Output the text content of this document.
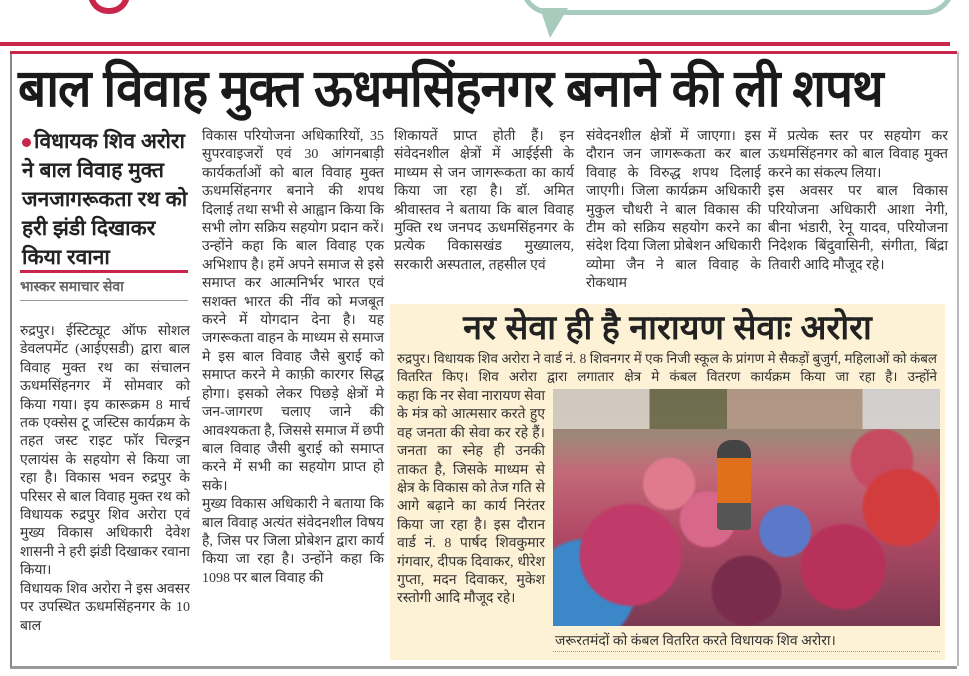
बाल विवाह मुक्त ऊधमसिंहनगर बनाने की ली शपथ
विधायक शिव अरोरा ने बाल विवाह मुक्त जनजागरूकता रथ को हरी झंडी दिखाकर किया रवाना
भास्कर समाचार सेवा

रुद्रपुर। ईस्टिट्यूट ऑफ सोशल डेवलपमेंट (आईएसडी) द्वारा बाल विवाह मुक्त रथ का संचालन ऊधमसिंहनगर में सोमवार को किया गया। इय कारूक्रम 8 मार्च तक एक्सेस टू जस्टिस कार्यक्रम के तहत जस्ट राइट फॉर चिल्ड्रन एलायंस के सहयोग से किया जा रहा है। विकास भवन रुद्रपुर के परिसर से बाल विवाह मुक्त रथ को विधायक रुद्रपुर शिव अरोरा एवं मुख्य विकास अधिकारी देवेश शासनी ने हरी झंडी दिखाकर रवाना किया।

विधायक शिव अरोरा ने इस अवसर पर उपस्थित ऊधमसिंहनगर के 10 बाल

विकास परियोजना अधिकारियों, 35 सुपरवाइजरों एवं 30 आंगनबाड़ी कार्यकर्ताओं को बाल विवाह मुक्त ऊधमसिंहनगर बनाने की शपथ दिलाई तथा सभी से आह्वान किया कि सभी लोग सक्रिय सहयोग प्रदान करें। उन्होंने कहा कि बाल विवाह एक अभिशाप है। हमें अपने समाज से इसे समाप्त कर आत्मनिर्भर भारत एवं सशक्त भारत की नींव को मजबूत करने में योगदान देना है। यह जगरूकता वाहन के माध्यम से समाज मे इस बाल विवाह जैसे बुराई को समाप्त करने मे काफ़ी कारगर सिद्ध होगा। इसको लेकर पिछड़े क्षेत्रों मे जन-जागरण चलाए जाने की आवश्यकता है, जिससे समाज में छपी बाल विवाह जैसी बुराई को समाप्त करने में सभी का सहयोग प्राप्त हो सके।

मुख्य विकास अधिकारी ने बताया कि बाल विवाह अत्यंत संवेदनशील विषय है, जिस पर जिला प्रोबेशन द्वारा कार्य किया जा रहा है। उन्होंने कहा कि 1098 पर बाल विवाह की

शिकायतें प्राप्त होती हैं। इन संवेदनशील क्षेत्रों में आईईसी के माध्यम से जन जागरूकता का कार्य किया जा रहा है। डॉ. अमित श्रीवास्तव ने बताया कि बाल विवाह मुक्ति रथ जनपद ऊधमसिंहनगर के प्रत्येक विकासखंड मुख्यालय, सरकारी अस्पताल, तहसील एवं

संवेदनशील क्षेत्रों में जाएगा। इस दौरान जन जागरूकता कर बाल विवाह के विरुद्ध शपथ दिलाई जाएगी। जिला कार्यक्रम अधिकारी मुकुल चौधरी ने बाल विकास की टीम को सक्रिय सहयोग करने का संदेश दिया जिला प्रोबेशन अधिकारी व्योमा जैन ने बाल विवाह के रोकथाम

में प्रत्येक स्तर पर सहयोग कर ऊधमसिंहनगर को बाल विवाह मुक्त करने का संकल्प लिया।

इस अवसर पर बाल विकास परियोजना अधिकारी आशा नेगी, बीना भंडारी, रेनू यादव, परियोजना निदेशक बिंदुवासिनी, संगीता, बिंद्रा तिवारी आदि मौजूद रहे।

नर सेवा ही है नारायण सेवाः अरोरा
रुद्रपुर। विधायक शिव अरोरा ने वार्ड नं. 8 शिवनगर में एक निजी स्कूल के प्रांगण मे सैकड़ों बुजुर्ग, महिलाओं को कंबल वितरित किए। शिव अरोरा द्वारा लगातार क्षेत्र मे कंबल वितरण कार्यक्रम किया जा रहा है। उन्होंने
कहा कि नर सेवा नारायण सेवा के मंत्र को आत्मसार करते हुए वह जनता की सेवा कर रहे हैं। जनता का स्नेह ही उनकी ताकत है, जिसके माध्यम से क्षेत्र के विकास को तेज गति से आगे बढ़ाने का कार्य निरंतर किया जा रहा है। इस दौरान वार्ड नं. 8 पार्षद शिवकुमार गंगवार, दीपक दिवाकर, धीरेश गुप्ता, मदन दिवाकर, मुकेश रस्तोगी आदि मौजूद रहे।
जरूरतमंदों को कंबल वितरित करते विधायक शिव अरोरा।
